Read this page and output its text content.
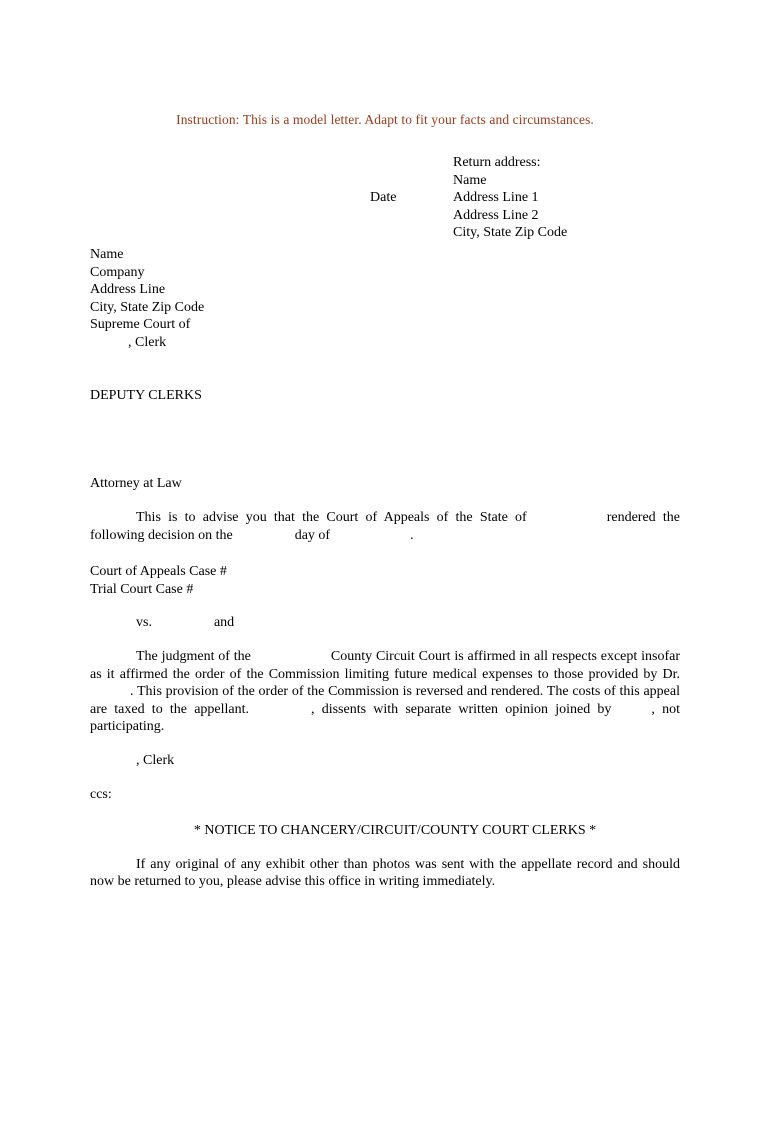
Instruction: This is a model letter. Adapt to fit your facts and circumstances.
Return address:
Name
Address Line 1
Address Line 2
City, State Zip Code
Date
Name
Company
Address Line
City, State Zip Code
Supreme Court of
, Clerk
DEPUTY CLERKS
Attorney at Law

This is to advise you that the Court of Appeals of the State of	rendered the following decision on the	day of	.

Court of Appeals Case #
Trial Court Case #
vs.	and

The judgment of the	County Circuit Court is affirmed in all respects except insofar as it affirmed the order of the Commission limiting future medical expenses to those provided by Dr.. This provision of the order of the Commission is reversed and rendered. The costs of this appeal are taxed to the appellant.	, dissents with separate written opinion joined by	, not participating.

, Clerk
ccs:
* NOTICE TO CHANCERY/CIRCUIT/COUNTY COURT CLERKS *

If any original of any exhibit other than photos was sent with the appellate record and should now be returned to you, please advise this office in writing immediately.
